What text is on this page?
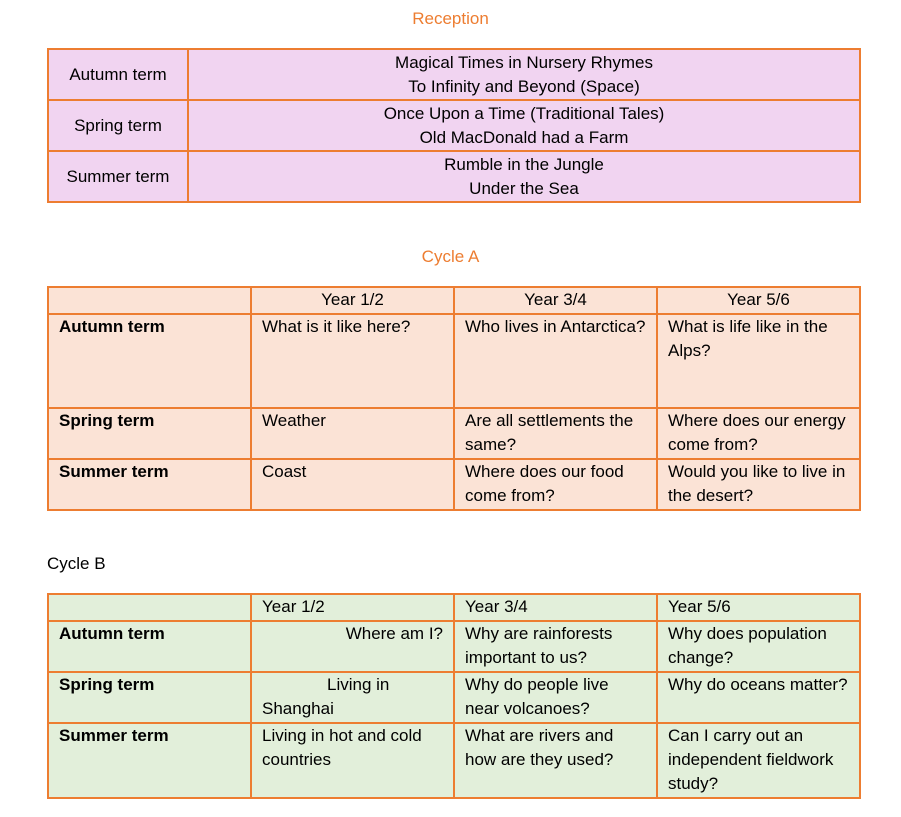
Reception
Autumn term	Magical Times in Nursery Rhymes
To Infinity and Beyond (Space)

Spring term	Once Upon a Time (Traditional Tales)
Old MacDonald had a Farm

Summer term	Rumble in the Jungle
Under the Sea
Cycle A
	Year 1/2	Year 3/4	Year 5/6
Autumn term	What is it like here?	Who lives in Antarctica?	What is life like in the Alps?
Spring term	Weather	Are all settlements the same?	Where does our energy come from?
Summer term	Coast	Where does our food come from?	Would you like to live in the desert?
Cycle B
	Year 1/2	Year 3/4	Year 5/6
Autumn term	Where am I?	Why are rainforests important to us?	Why does population change?
Spring term	Living in Shanghai	Why do people live near volcanoes?	Why do oceans matter?
Summer term	Living in hot and cold countries	What are rivers and how are they used?	Can I carry out an independent fieldwork study?
